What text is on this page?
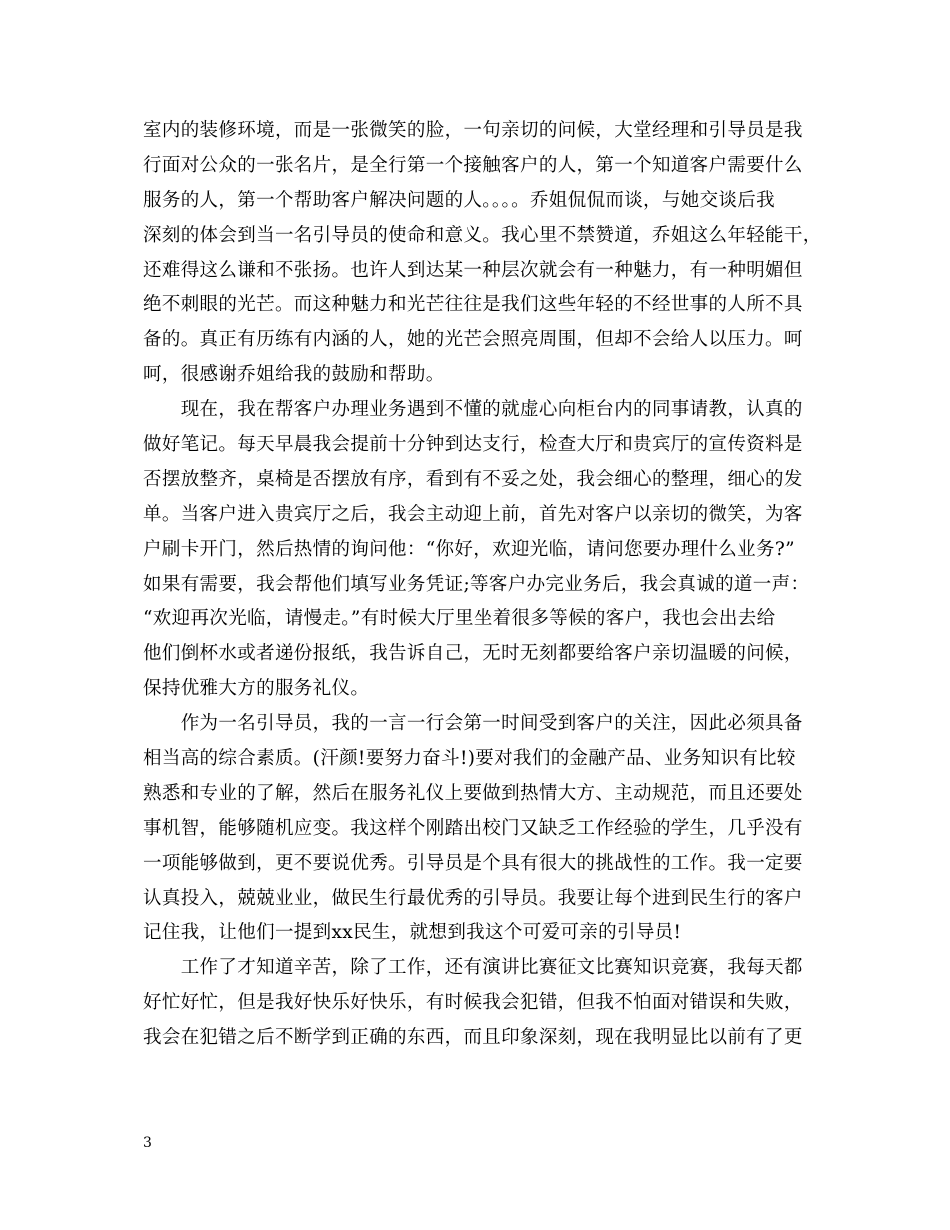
室内的装修环境，而是一张微笑的脸，一句亲切的问候，大堂经理和引导员是我
行面对公众的一张名片，是全行第一个接触客户的人，第一个知道客户需要什么
服务的人，第一个帮助客户解决问题的人。。。。乔姐侃侃而谈，与她交谈后我
深刻的体会到当一名引导员的使命和意义。我心里不禁赞道，乔姐这么年轻能干，
还难得这么谦和不张扬。也许人到达某一种层次就会有一种魅力，有一种明媚但
绝不刺眼的光芒。而这种魅力和光芒往往是我们这些年轻的不经世事的人所不具
备的。真正有历练有内涵的人，她的光芒会照亮周围，但却不会给人以压力。呵
呵，很感谢乔姐给我的鼓励和帮助。
　　现在，我在帮客户办理业务遇到不懂的就虚心向柜台内的同事请教，认真的
做好笔记。每天早晨我会提前十分钟到达支行，检查大厅和贵宾厅的宣传资料是
否摆放整齐，桌椅是否摆放有序，看到有不妥之处，我会细心的整理，细心的发
单。当客户进入贵宾厅之后，我会主动迎上前，首先对客户以亲切的微笑，为客
户刷卡开门，然后热情的询问他：“你好，欢迎光临，请问您要办理什么业务?”
如果有需要，我会帮他们填写业务凭证;等客户办完业务后，我会真诚的道一声：
“欢迎再次光临，请慢走。”有时候大厅里坐着很多等候的客户，我也会出去给
他们倒杯水或者递份报纸，我告诉自己，无时无刻都要给客户亲切温暖的问候，
保持优雅大方的服务礼仪。
　　作为一名引导员，我的一言一行会第一时间受到客户的关注，因此必须具备
相当高的综合素质。(汗颜!要努力奋斗!)要对我们的金融产品、业务知识有比较
熟悉和专业的了解，然后在服务礼仪上要做到热情大方、主动规范，而且还要处
事机智，能够随机应变。我这样个刚踏出校门又缺乏工作经验的学生，几乎没有
一项能够做到，更不要说优秀。引导员是个具有很大的挑战性的工作。我一定要
认真投入，兢兢业业，做民生行最优秀的引导员。我要让每个进到民生行的客户
记住我，让他们一提到xx民生，就想到我这个可爱可亲的引导员!
　　工作了才知道辛苦，除了工作，还有演讲比赛征文比赛知识竞赛，我每天都
好忙好忙，但是我好快乐好快乐，有时候我会犯错，但我不怕面对错误和失败，
我会在犯错之后不断学到正确的东西，而且印象深刻，现在我明显比以前有了更
3
